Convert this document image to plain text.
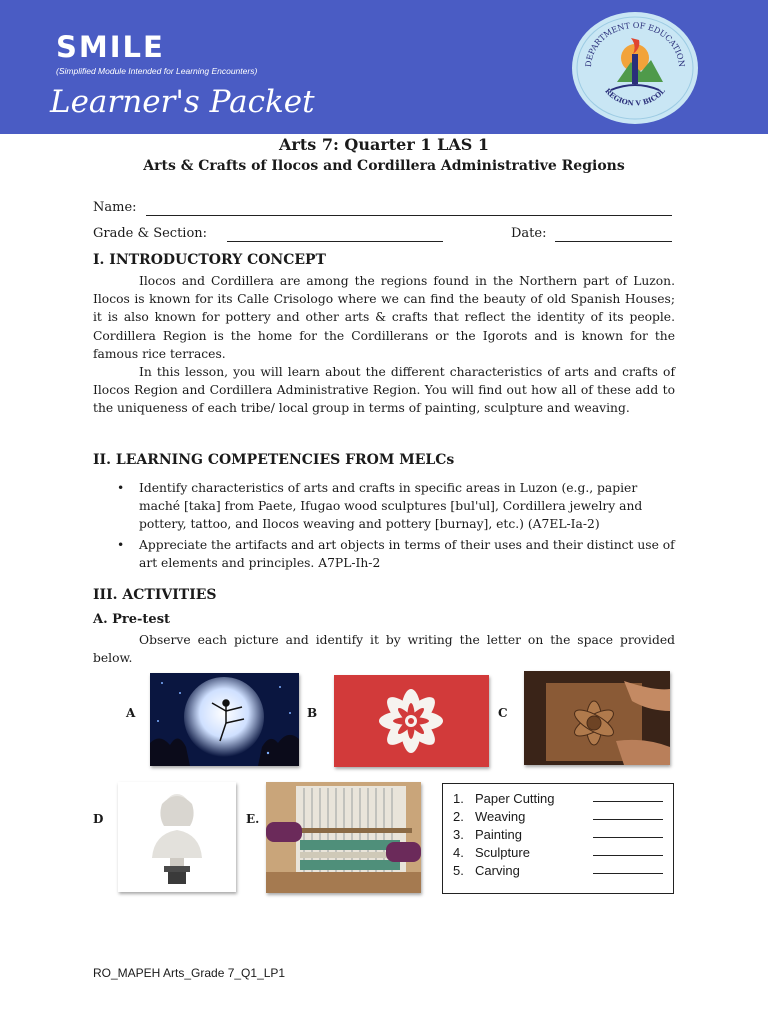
SMILE
(Simplified Module Intended for Learning Encounters)
Learner's Packet
DEPARTMENT OF EDUCATION
REGION V BICOL
Arts 7: Quarter 1 LAS 1
Arts & Crafts of Ilocos and Cordillera Administrative Regions
Name:
Grade & Section:	Date:
I. INTRODUCTORY CONCEPT

Ilocos and Cordillera are among the regions found in the Northern part of Luzon. Ilocos is known for its Calle Crisologo where we can find the beauty of old Spanish Houses; it is also known for pottery and other arts & crafts that reflect the identity of its people. Cordillera Region is the home for the Cordillerans or the Igorots and is known for the famous rice terraces.

In this lesson, you will learn about the different characteristics of arts and crafts of Ilocos Region and Cordillera Administrative Region. You will find out how all of these add to the uniqueness of each tribe/ local group in terms of painting, sculpture and weaving.

II. LEARNING COMPETENCIES FROM MELCs
• Identify characteristics of arts and crafts in specific areas in Luzon (e.g., papier maché [taka] from Paete, Ifugao wood sculptures [bul'ul], Cordillera jewelry and pottery, tattoo, and Ilocos weaving and pottery [burnay], etc.) (A7EL-Ia-2)
• Appreciate the artifacts and art objects in terms of their uses and their distinct use of art elements and principles. A7PL-Ih-2
III. ACTIVITIES
A. Pre-test

Observe each picture and identify it by writing the letter on the space provided below.

A	B	C
D	E.
1. Paper Cutting
2. Weaving
3. Painting
4. Sculpture
5. Carving
RO_MAPEH Arts_Grade 7_Q1_LP1
